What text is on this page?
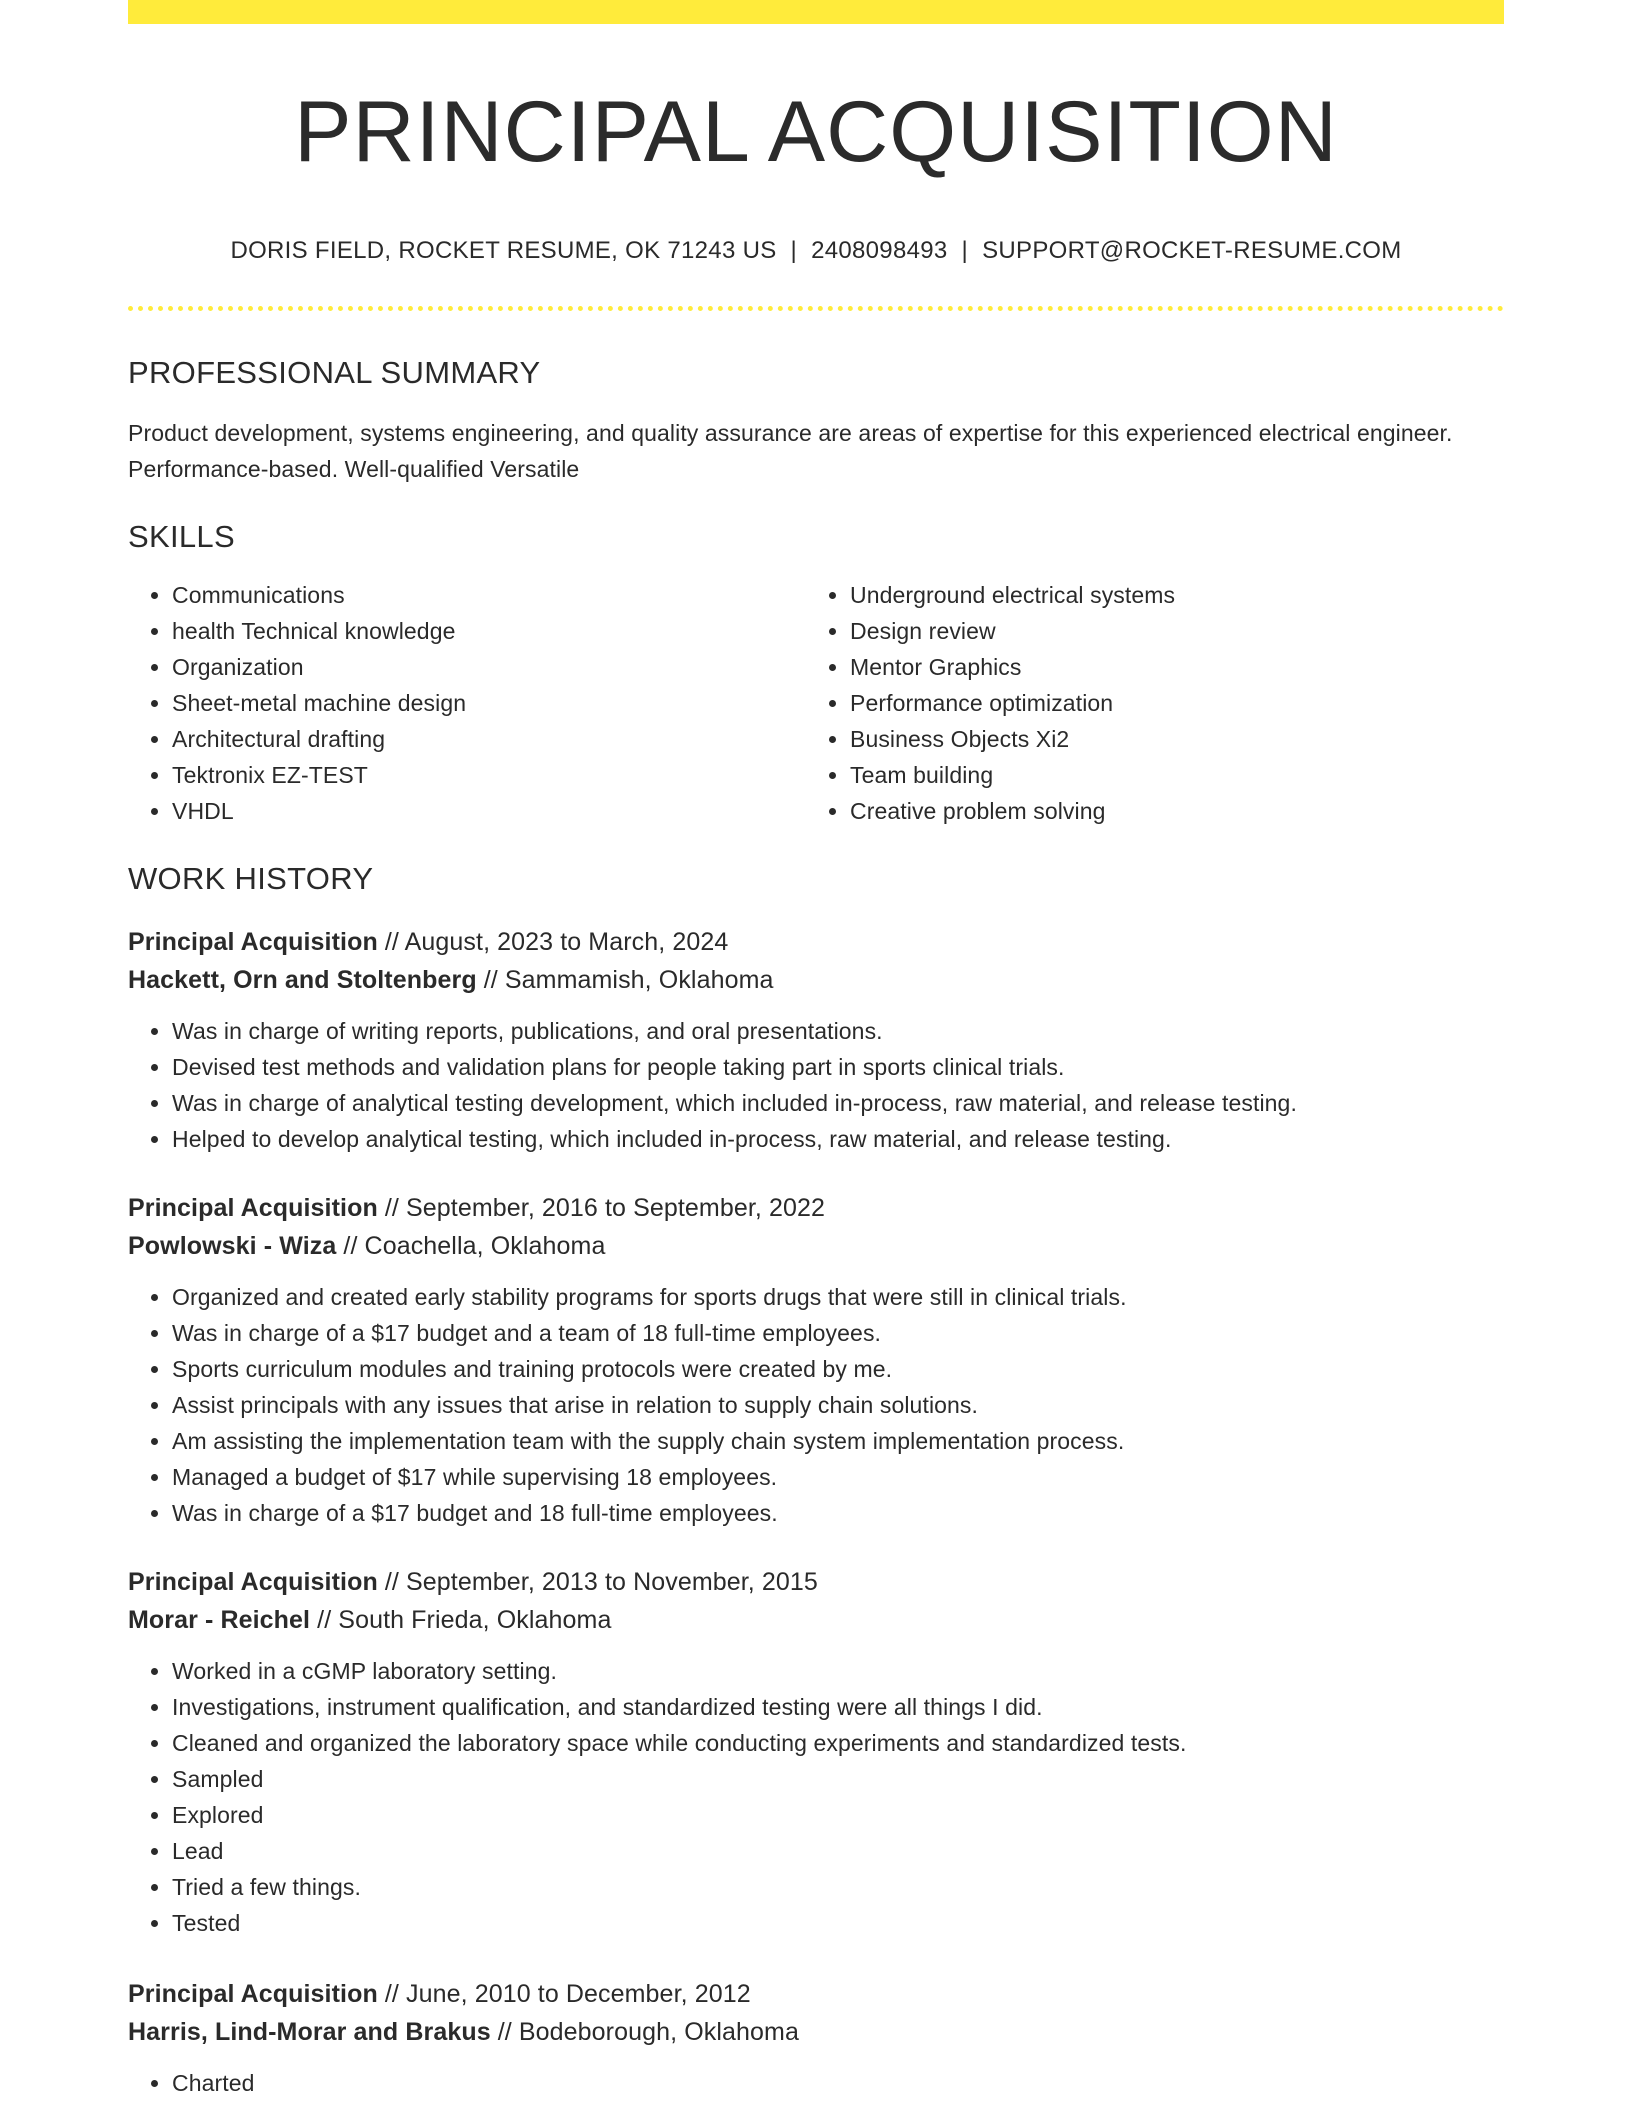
PRINCIPAL ACQUISITION
DORIS FIELD, ROCKET RESUME, OK 71243 US | 2408098493 | SUPPORT@ROCKET-RESUME.COM
PROFESSIONAL SUMMARY
Product development, systems engineering, and quality assurance are areas of expertise for this experienced electrical engineer. Performance-based. Well-qualified Versatile
SKILLS
• Communications
• health Technical knowledge
• Organization
• Sheet-metal machine design
• Architectural drafting
• Tektronix EZ-TEST
• VHDL
• Underground electrical systems
• Design review
• Mentor Graphics
• Performance optimization
• Business Objects Xi2
• Team building
• Creative problem solving
WORK HISTORY
Principal Acquisition // August, 2023 to March, 2024
Hackett, Orn and Stoltenberg // Sammamish, Oklahoma
• Was in charge of writing reports, publications, and oral presentations.
• Devised test methods and validation plans for people taking part in sports clinical trials.
• Was in charge of analytical testing development, which included in-process, raw material, and release testing.
• Helped to develop analytical testing, which included in-process, raw material, and release testing.
Principal Acquisition // September, 2016 to September, 2022
Powlowski - Wiza // Coachella, Oklahoma
• Organized and created early stability programs for sports drugs that were still in clinical trials.
• Was in charge of a $17 budget and a team of 18 full-time employees.
• Sports curriculum modules and training protocols were created by me.
• Assist principals with any issues that arise in relation to supply chain solutions.
• Am assisting the implementation team with the supply chain system implementation process.
• Managed a budget of $17 while supervising 18 employees.
• Was in charge of a $17 budget and 18 full-time employees.
Principal Acquisition // September, 2013 to November, 2015
Morar - Reichel // South Frieda, Oklahoma
• Worked in a cGMP laboratory setting.
• Investigations, instrument qualification, and standardized testing were all things I did.
• Cleaned and organized the laboratory space while conducting experiments and standardized tests.
• Sampled
• Explored
• Lead
• Tried a few things.
• Tested
Principal Acquisition // June, 2010 to December, 2012
Harris, Lind-Morar and Brakus // Bodeborough, Oklahoma
• Charted
